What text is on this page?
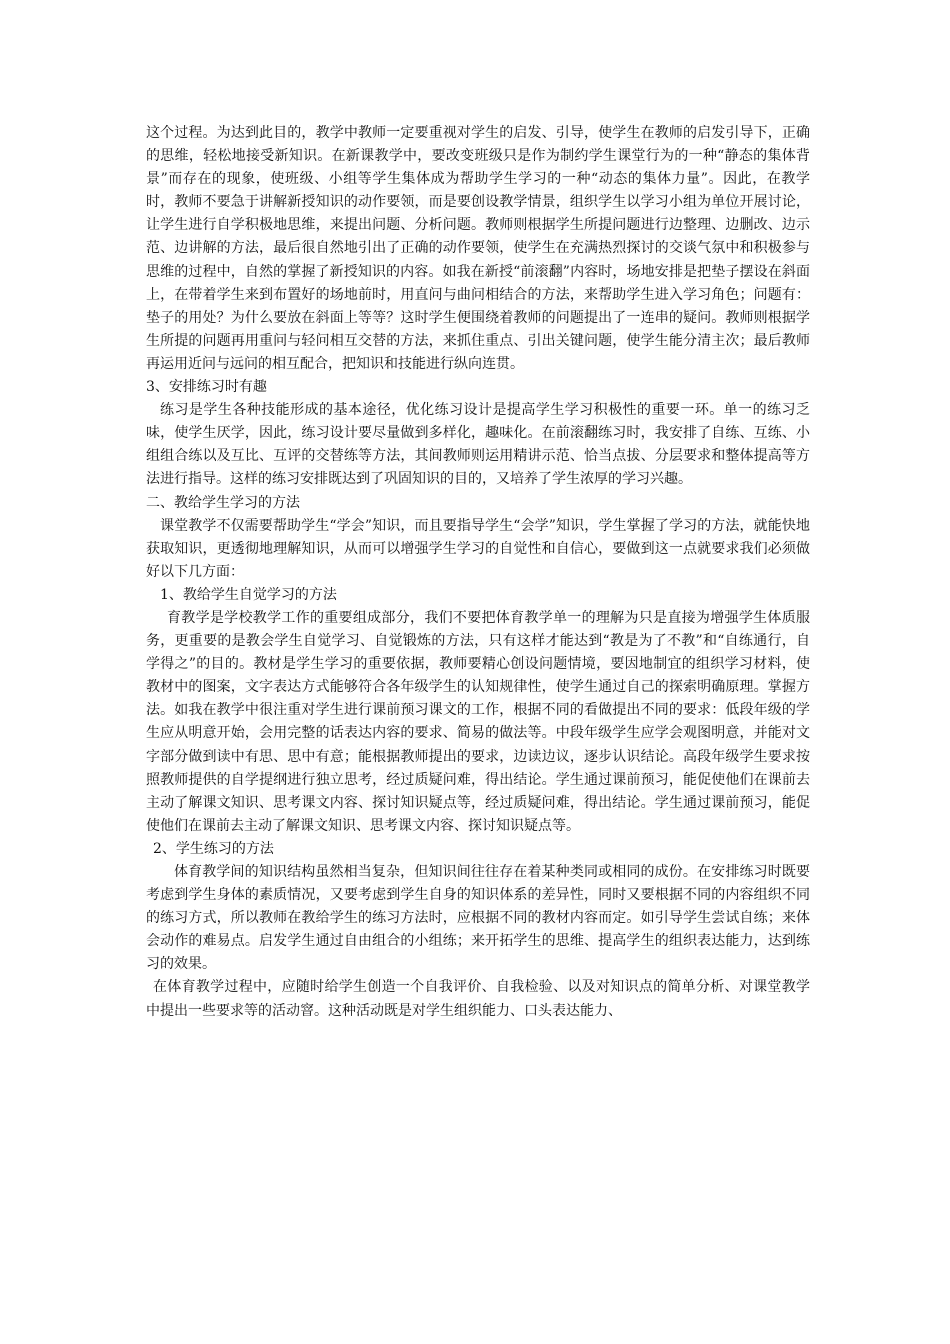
这个过程。为达到此目的，教学中教师一定要重视对学生的启发、引导，使学生在教师的启发引导下，正确的思维，轻松地接受新知识。在新课教学中，要改变班级只是作为制约学生课堂行为的一种“静态的集体背景”而存在的现象，使班级、小组等学生集体成为帮助学生学习的一种“动态的集体力量”。因此，在教学时，教师不要急于讲解新授知识的动作要领，而是要创设教学情景，组织学生以学习小组为单位开展讨论，让学生进行自学积极地思维，来提出问题、分析问题。教师则根据学生所提问题进行边整理、边删改、边示范、边讲解的方法，最后很自然地引出了正确的动作要领，使学生在充满热烈探讨的交谈气氛中和积极参与思维的过程中，自然的掌握了新授知识的内容。如我在新授“前滚翻”内容时，场地安排是把垫子摆设在斜面上，在带着学生来到布置好的场地前时，用直问与曲问相结合的方法，来帮助学生进入学习角色；问题有：垫子的用处？为什么要放在斜面上等等？这时学生便围绕着教师的问题提出了一连串的疑问。教师则根据学生所提的问题再用重问与轻问相互交替的方法，来抓住重点、引出关键问题，使学生能分清主次；最后教师再运用近问与远问的相互配合，把知识和技能进行纵向连贯。

3、安排练习时有趣

练习是学生各种技能形成的基本途径，优化练习设计是提高学生学习积极性的重要一环。单一的练习乏味，使学生厌学，因此，练习设计要尽量做到多样化，趣味化。在前滚翻练习时，我安排了自练、互练、小组组合练以及互比、互评的交替练等方法，其间教师则运用精讲示范、恰当点拔、分层要求和整体提高等方法进行指导。这样的练习安排既达到了巩固知识的目的，又培养了学生浓厚的学习兴趣。

二、教给学生学习的方法

课堂教学不仅需要帮助学生“学会”知识，而且要指导学生“会学”知识，学生掌握了学习的方法，就能快地获取知识，更透彻地理解知识，从而可以增强学生学习的自觉性和自信心，要做到这一点就要求我们必须做好以下几方面：

1、教给学生自觉学习的方法

育教学是学校教学工作的重要组成部分，我们不要把体育教学单一的理解为只是直接为增强学生体质服务，更重要的是教会学生自觉学习、自觉锻炼的方法，只有这样才能达到“教是为了不教”和“自练通行，自学得之”的目的。教材是学生学习的重要依据，教师要精心创设问题情境，要因地制宜的组织学习材料，使教材中的图案，文字表达方式能够符合各年级学生的认知规律性，使学生通过自己的探索明确原理。掌握方法。如我在教学中很注重对学生进行课前预习课文的工作，根据不同的看做提出不同的要求：低段年级的学生应从明意开始，会用完整的话表达内容的要求、简易的做法等。中段年级学生应学会观图明意，并能对文字部分做到读中有思、思中有意；能根据教师提出的要求，边读边议，逐步认识结论。高段年级学生要求按照教师提供的自学提纲进行独立思考，经过质疑问难，得出结论。学生通过课前预习，能促使他们在课前去主动了解课文知识、思考课文内容、探讨知识疑点等，经过质疑问难，得出结论。学生通过课前预习，能促使他们在课前去主动了解课文知识、思考课文内容、探讨知识疑点等。

2、学生练习的方法

体育教学间的知识结构虽然相当复杂，但知识间往往存在着某种类同或相同的成份。在安排练习时既要考虑到学生身体的素质情况，又要考虑到学生自身的知识体系的差异性，同时又要根据不同的内容组织不同的练习方式，所以教师在教给学生的练习方法时，应根据不同的教材内容而定。如引导学生尝试自练；来体会动作的难易点。启发学生通过自由组合的小组练；来开拓学生的思维、提高学生的组织表达能力，达到练习的效果。

在体育教学过程中，应随时给学生创造一个自我评价、自我检验、以及对知识点的简单分析、对课堂教学中提出一些要求等的活动窨。这种活动既是对学生组织能力、口头表达能力、
